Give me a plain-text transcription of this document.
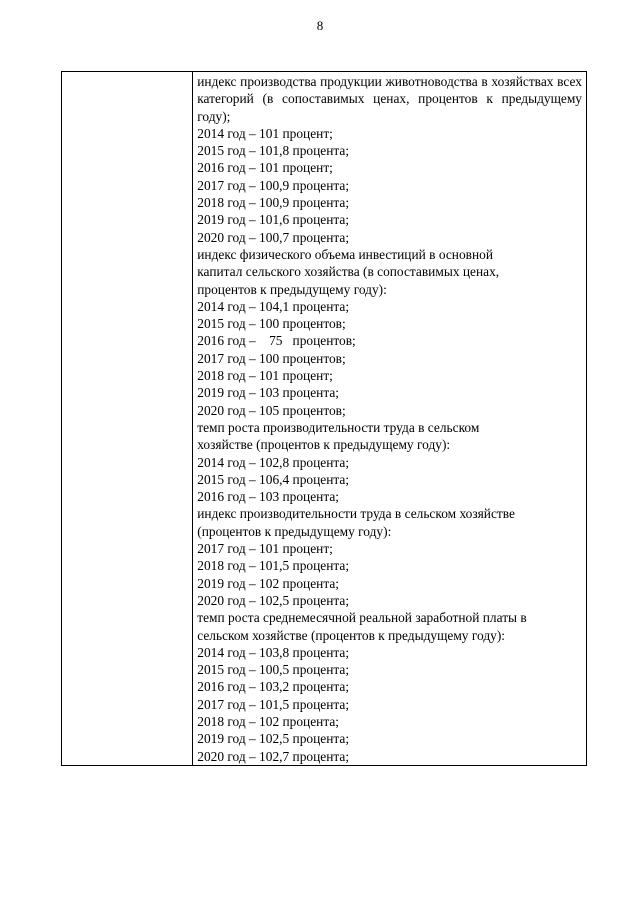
8

индекс производства продукции животноводства в хозяйствах всех категорий (в сопоставимых ценах, процентов к предыдущему году);
2014 год – 101 процент;
2015 год – 101,8 процента;
2016 год – 101 процент;
2017 год – 100,9 процента;
2018 год – 100,9 процента;
2019 год – 101,6 процента;
2020 год – 100,7 процента;
индекс физического объема инвестиций в основной
капитал сельского хозяйства (в сопоставимых ценах,
процентов к предыдущему году):
2014 год – 104,1 процента;
2015 год – 100 процентов;
2016 год –    75   процентов;
2017 год – 100 процентов;
2018 год – 101 процент;
2019 год – 103 процента;
2020 год – 105 процентов;
темп роста производительности труда в сельском
хозяйстве (процентов к предыдущему году):
2014 год – 102,8 процента;
2015 год – 106,4 процента;
2016 год – 103 процента;
индекс производительности труда в сельском хозяйстве
(процентов к предыдущему году):
2017 год – 101 процент;
2018 год – 101,5 процента;
2019 год – 102 процента;
2020 год – 102,5 процента;
темп роста среднемесячной реальной заработной платы в
сельском хозяйстве (процентов к предыдущему году):
2014 год – 103,8 процента;
2015 год – 100,5 процента;
2016 год – 103,2 процента;
2017 год – 101,5 процента;
2018 год – 102 процента;
2019 год – 102,5 процента;
2020 год – 102,7 процента;
